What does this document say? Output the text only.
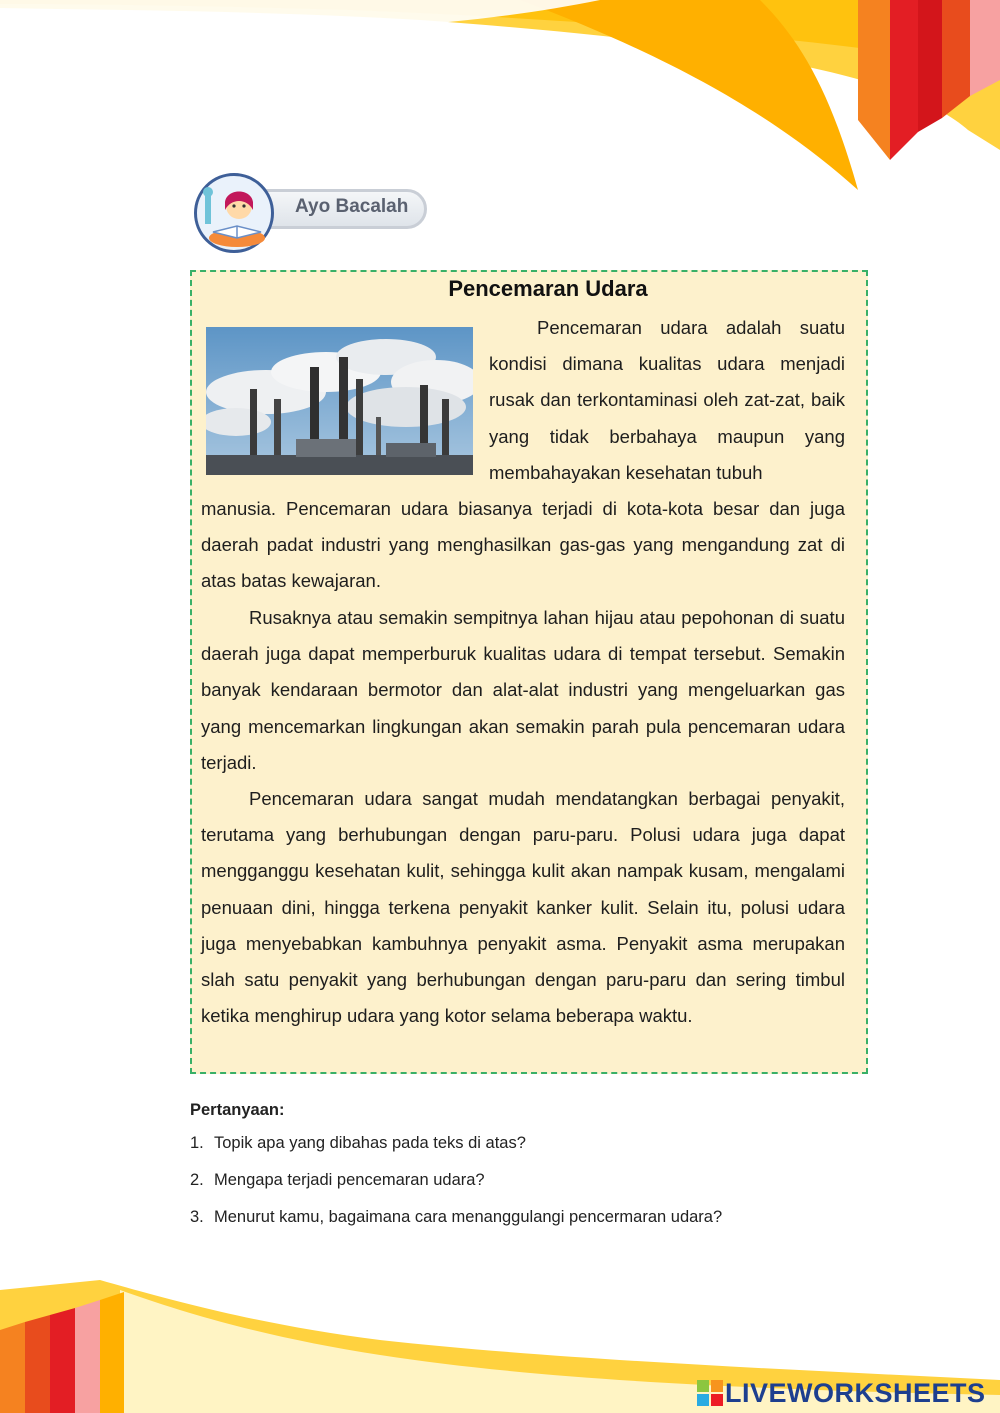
Ayo Bacalah
Pencemaran Udara
Pencemaran udara adalah suatu kondisi dimana kualitas udara menjadi rusak dan terkontaminasi oleh zat-zat, baik yang tidak berbahaya maupun yang membahayakan kesehatan tubuh
manusia. Pencemaran udara biasanya terjadi di kota-kota besar dan juga daerah padat industri yang menghasilkan gas-gas yang mengandung zat di atas batas kewajaran.
Rusaknya atau semakin sempitnya lahan hijau atau pepohonan di suatu daerah juga dapat memperburuk kualitas udara di tempat tersebut. Semakin banyak kendaraan bermotor dan alat-alat industri yang mengeluarkan gas yang mencemarkan lingkungan akan semakin parah pula pencemaran udara terjadi.
Pencemaran udara sangat mudah mendatangkan berbagai penyakit, terutama yang berhubungan dengan paru-paru. Polusi udara juga dapat mengganggu kesehatan kulit, sehingga kulit akan nampak kusam, mengalami penuaan dini, hingga terkena penyakit kanker kulit. Selain itu, polusi udara juga menyebabkan kambuhnya penyakit asma. Penyakit asma merupakan slah satu penyakit yang berhubungan dengan paru-paru dan sering timbul ketika menghirup udara yang kotor selama beberapa waktu.
Pertanyaan:
1. Topik apa yang dibahas pada teks di atas?
2. Mengapa terjadi pencemaran udara?
3. Menurut kamu, bagaimana cara menanggulangi pencermaran udara?
LIVEWORKSHEETS
